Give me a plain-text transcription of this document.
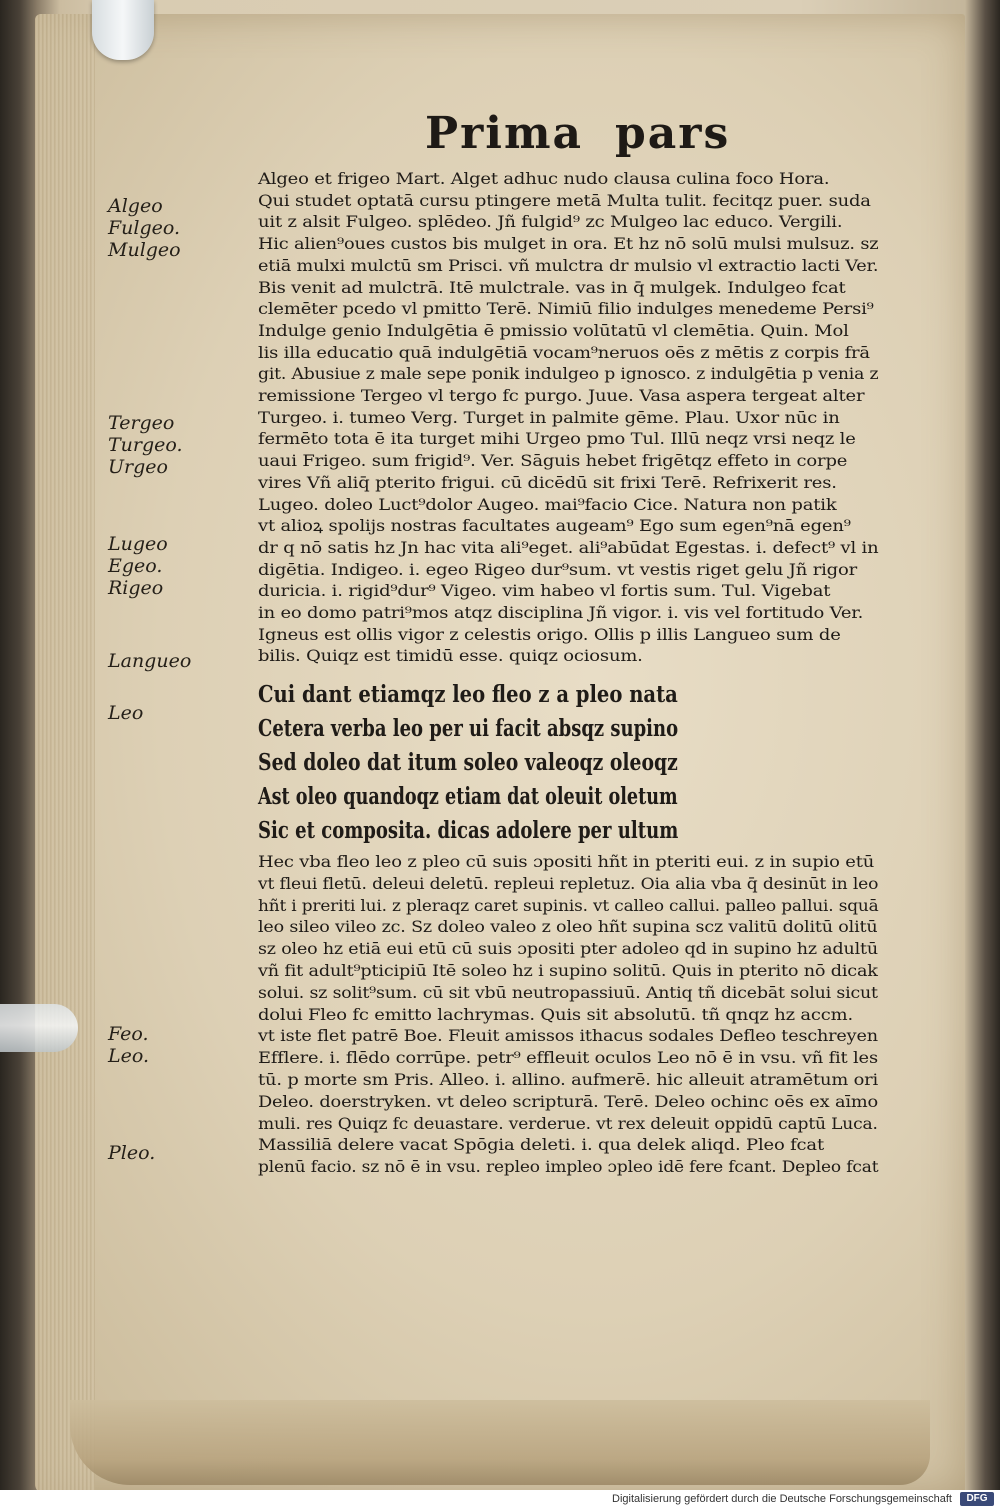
Prima pars
Algeo
Fulgeo.
Mulgeo
Tergeo
Turgeo.
Urgeo
Lugeo
Egeo.
Rigeo
Langueo
Leo
Feo.
Leo.
Pleo.
Algeo et frigeo Mart. Alget adhuc nudo clausa culina foco Hora.
Qui studet optatā cursu ptingere metā Multa tulit. fecitqz puer. suda
uit z alsit Fulgeo. splēdeo. Jñ fulgid⁹ zc Mulgeo lac educo. Vergili.
Hic alien⁹oues custos bis mulget in ora. Et hz nō solū mulsi mulsuz. sz
etiā mulxi mulctū sm Prisci. vñ mulctra dr mulsio vl extractio lacti Ver.
Bis venit ad mulctrā. Itē mulctrale. vas in q̄ mulgek. Indulgeo fcat
clemēter pcedo vl pmitto Terē. Nimiū filio indulges menedeme Persi⁹
Indulge genio Indulgētia ē pmissio volūtatū vl clemētia. Quin. Mol
lis illa educatio quā indulgētiā vocam⁹neruos oēs z mētis z corpis frā
git. Abusiue z male sepe ponik indulgeo p ignosco. z indulgētia p venia z
remissione Tergeo vl tergo fc purgo. Juue. Vasa aspera tergeat alter
Turgeo. i. tumeo Verg. Turget in palmite gēme. Plau. Uxor nūc in
fermēto tota ē ita turget mihi Urgeo pmo Tul. Illū neqz vrsi neqz le
uaui Frigeo. sum frigid⁹. Ver. Sāguis hebet frigētqz effeto in corpe
vires Vñ aliq̄ pterito frigui. cū dicēdū sit frixi Terē. Refrixerit res.
Lugeo. doleo Luct⁹dolor Augeo. mai⁹facio Cice. Natura non patik
vt alioꝝ spolijs nostras facultates augeam⁹ Ego sum egen⁹nā egen⁹
dr q nō satis hz Jn hac vita ali⁹eget. ali⁹abūdat Egestas. i. defect⁹ vl in
digētia. Indigeo. i. egeo Rigeo dur⁹sum. vt vestis riget gelu Jñ rigor
duricia. i. rigid⁹dur⁹ Vigeo. vim habeo vl fortis sum. Tul. Vigebat
in eo domo patri⁹mos atqz disciplina Jñ vigor. i. vis vel fortitudo Ver.
Igneus est ollis vigor z celestis origo. Ollis p illis Langueo sum de
bilis. Quiqz est timidū esse. quiqz ociosum.
Cui dant etiamqz leo fleo z a pleo nata
Cetera verba leo per ui facit absqz supino
Sed doleo dat itum soleo valeoqz oleoqz
Ast oleo quandoqz etiam dat oleuit oletum
Sic et composita. dicas adolere per ultum
Hec vba fleo leo z pleo cū suis ɔpositi hñt in pteriti eui. z in supio etū
vt fleui fletū. deleui deletū. repleui repletuz. Oia alia vba q̄ desinūt in leo
hñt i preriti lui. z pleraqz caret supinis. vt calleo callui. palleo pallui. squā
leo sileo vileo zc. Sz doleo valeo z oleo hñt supina scz valitū dolitū olitū
sz oleo hz etiā eui etū cū suis ɔpositi pter adoleo qd in supino hz adultū
vñ fit adult⁹pticipiū Itē soleo hz i supino solitū. Quis in pterito nō dicak
solui. sz solit⁹sum. cū sit vbū neutropassiuū. Antiq tñ dicebāt solui sicut
dolui Fleo fc emitto lachrymas. Quis sit absolutū. tñ qnqz hz accm.
vt iste flet patrē Boe. Fleuit amissos ithacus sodales Defleo teschreyen
Efflere. i. flēdo corrūpe. petr⁹ effleuit oculos Leo nō ē in vsu. vñ fit les
tū. p morte sm Pris. Alleo. i. allino. aufmerē. hic alleuit atramētum ori
Deleo. doerstryken. vt deleo scripturā. Terē. Deleo ochinc oēs ex aīmo
muli. res Quiqz fc deuastare. verderue. vt rex deleuit oppidū captū Luca.
Massiliā delere vacat Spōgia deleti. i. qua delek aliqd. Pleo fcat
plenū facio. sz nō ē in vsu. repleo impleo ɔpleo idē fere fcant. Depleo fcat
Digitalisierung gefördert durch die Deutsche Forschungsgemeinschaft	DFG
